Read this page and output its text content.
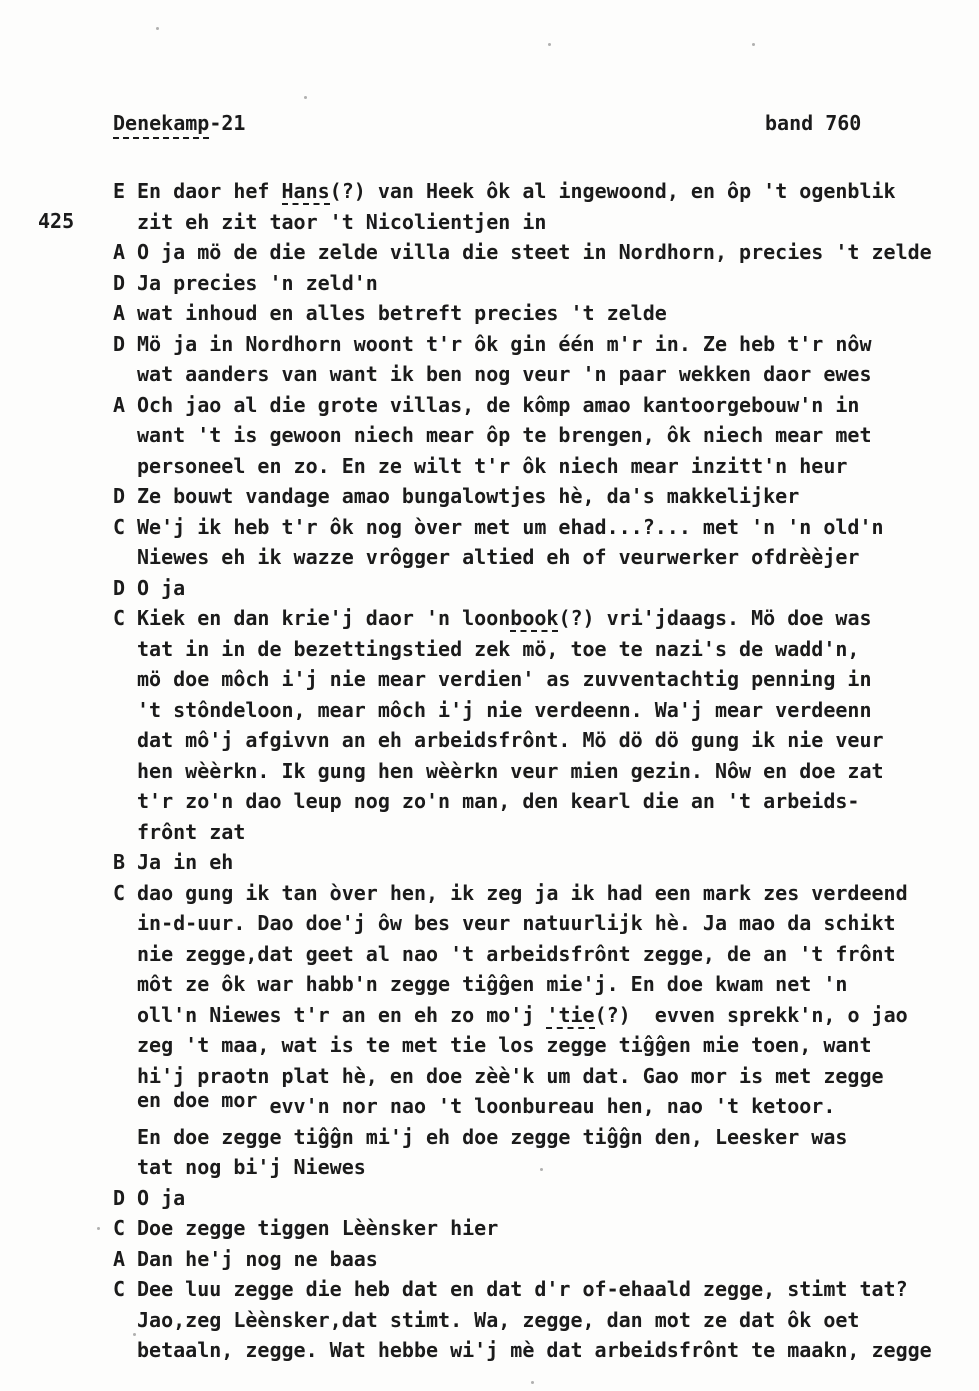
Denekamp-21	band 760
425
E En daor hef Hans(?) van Heek ôk al ingewoond, en ôp 't ogenblik
zit eh zit taor 't Nicolientjen in
A O ja mö de die zelde villa die steet in Nordhorn, precies 't zelde
D Ja precies 'n zeld'n
A wat inhoud en alles betreft precies 't zelde
D Mö ja in Nordhorn woont t'r ôk gin één m'r in. Ze heb t'r nôw
wat aanders van want ik ben nog veur 'n paar wekken daor ewes
A Och jao al die grote villas, de kômp amao kantoorgebouw'n in
want 't is gewoon niech mear ôp te brengen, ôk niech mear met
personeel en zo. En ze wilt t'r ôk niech mear inzitt'n heur
D Ze bouwt vandage amao bungalowtjes hè, da's makkelijker
C We'j ik heb t'r ôk nog òver met um ehad...?... met 'n 'n old'n
Niewes eh ik wazze vrôgger altied eh of veurwerker ofdrèèjer
D O ja
C Kiek en dan krie'j daor 'n loonbook(?) vri'jdaags. Mö doe was
tat in in de bezettingstied zek mö, toe te nazi's de wadd'n,
mö doe môch i'j nie mear verdien' as zuvventachtig penning in
't stôndeloon, mear môch i'j nie verdeenn. Wa'j mear verdeenn
dat mô'j afgivvn an eh arbeidsfrônt. Mö dö dö gung ik nie veur
hen wèèrkn. Ik gung hen wèèrkn veur mien gezin. Nôw en doe zat
t'r zo'n dao leup nog zo'n man, den kearl die an 't arbeids-
frônt zat
B Ja in eh
C dao gung ik tan òver hen, ik zeg ja ik had een mark zes verdeend
in-d-uur. Dao doe'j ôw bes veur natuurlijk hè. Ja mao da schikt
nie zegge,dat geet al nao 't arbeidsfrônt zegge, de an 't frônt
môt ze ôk war habb'n zegge tiĝĝen mie'j. En doe kwam net 'n
oll'n Niewes t'r an en eh zo mo'j 'tie(?)  evven sprekk'n, o jao
zeg 't maa, wat is te met tie los zegge tiĝĝen mie toen, want
hi'j praotn plat hè, en doe zèè'k um dat. Gao mor is met zegge
en doe mor evv'n nor nao 't loonbureau hen, nao 't ketoor.
En doe zegge tiĝĝn mi'j eh doe zegge tiĝĝn den, Leesker was
tat nog bi'j Niewes
D O ja
C Doe zegge tiggen Lèènsker hier
A Dan he'j nog ne baas
C Dee luu zegge die heb dat en dat d'r of-ehaald zegge, stimt tat?
Jao,zeg Lèènsker,dat stimt. Wa, zegge, dan mot ze dat ôk oet
betaaln, zegge. Wat hebbe wi'j mè dat arbeidsfrônt te maakn, zegge
